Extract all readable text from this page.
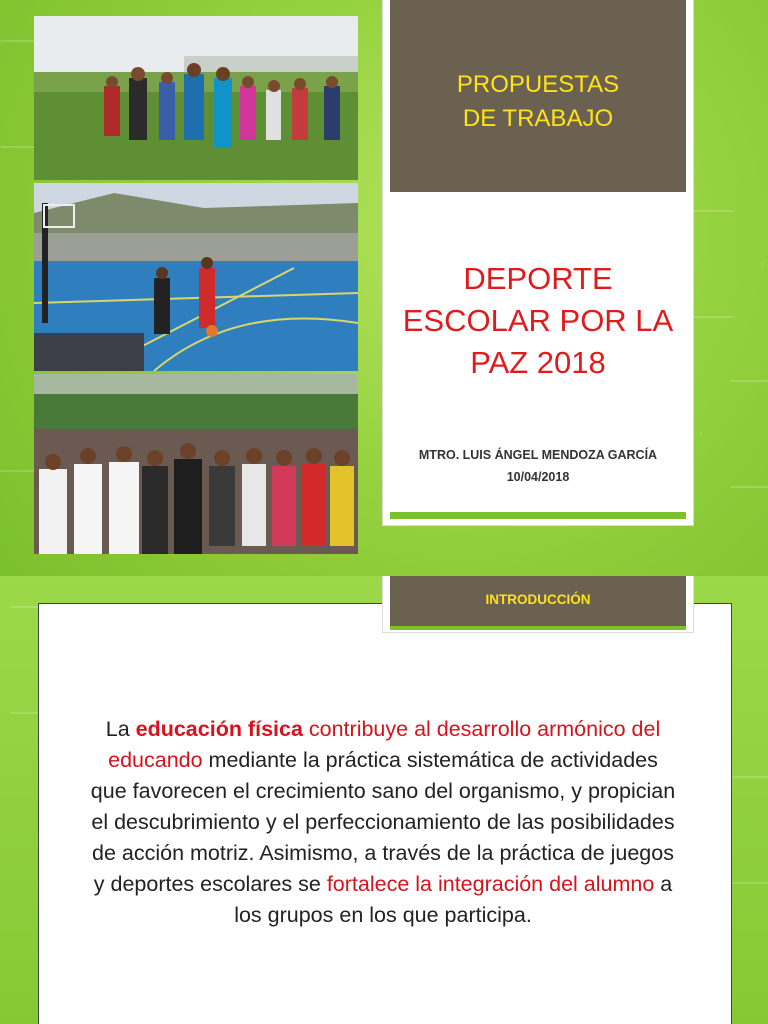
PROPUESTAS
DE TRABAJO
DEPORTE
ESCOLAR POR LA
PAZ 2018
MTRO. LUIS ÁNGEL MENDOZA GARCÍA
10/04/2018
INTRODUCCIÓN
La educación física contribuye al desarrollo armónico del educando mediante la práctica sistemática de actividades que favorecen el crecimiento sano del organismo, y propician el descubrimiento y el perfeccionamiento de las posibilidades de acción motriz. Asimismo, a través de la práctica de juegos y deportes escolares se fortalece la integración del alumno a los grupos en los que participa.
